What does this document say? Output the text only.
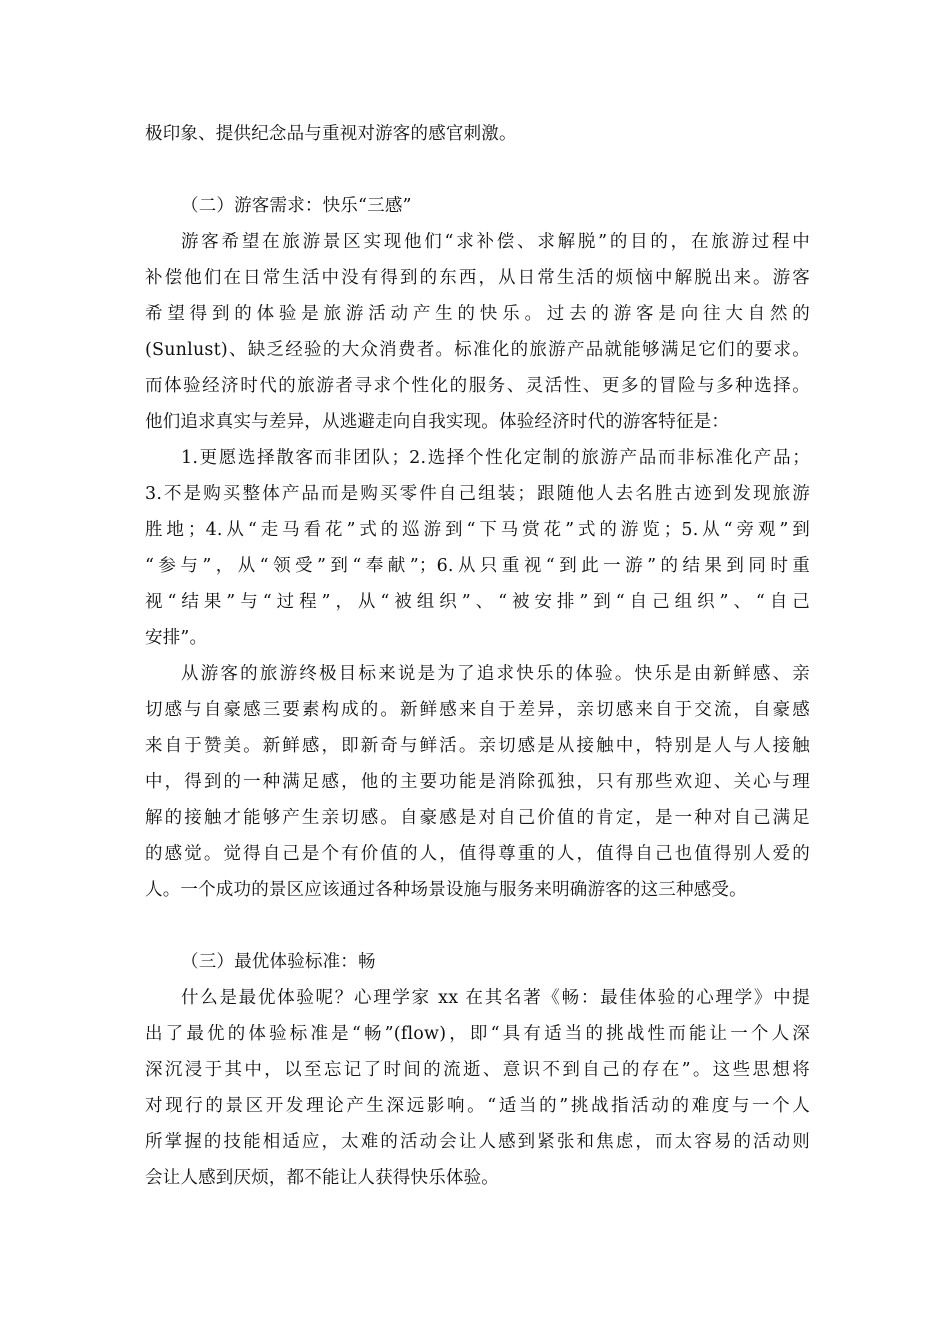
极印象、提供纪念品与重视对游客的感官刺激。
（二）游客需求：快乐“三感”
游客希望在旅游景区实现他们“求补偿、求解脱”的目的，在旅游过程中
补偿他们在日常生活中没有得到的东西，从日常生活的烦恼中解脱出来。游客
希望得到的体验是旅游活动产生的快乐。过去的游客是向往大自然的
(Sunlust)、缺乏经验的大众消费者。标准化的旅游产品就能够满足它们的要求。
而体验经济时代的旅游者寻求个性化的服务、灵活性、更多的冒险与多种选择。
他们追求真实与差异，从逃避走向自我实现。体验经济时代的游客特征是：
1.更愿选择散客而非团队；2.选择个性化定制的旅游产品而非标准化产品；
3.不是购买整体产品而是购买零件自己组装；跟随他人去名胜古迹到发现旅游
胜地；4.从“走马看花”式的巡游到“下马赏花”式的游览；5.从“旁观”到
“参与”，从“领受”到“奉献”；6.从只重视“到此一游”的结果到同时重
视“结果”与“过程”，从“被组织”、“被安排”到“自己组织”、“自己
安排”。
从游客的旅游终极目标来说是为了追求快乐的体验。快乐是由新鲜感、亲
切感与自豪感三要素构成的。新鲜感来自于差异，亲切感来自于交流，自豪感
来自于赞美。新鲜感，即新奇与鲜活。亲切感是从接触中，特别是人与人接触
中，得到的一种满足感，他的主要功能是消除孤独，只有那些欢迎、关心与理
解的接触才能够产生亲切感。自豪感是对自己价值的肯定，是一种对自己满足
的感觉。觉得自己是个有价值的人，值得尊重的人，值得自己也值得别人爱的
人。一个成功的景区应该通过各种场景设施与服务来明确游客的这三种感受。
（三）最优体验标准：畅
什么是最优体验呢？心理学家 xx 在其名著《畅：最佳体验的心理学》中提
出了最优的体验标准是“畅”(flow)，即“具有适当的挑战性而能让一个人深
深沉浸于其中，以至忘记了时间的流逝、意识不到自己的存在”。这些思想将
对现行的景区开发理论产生深远影响。“适当的”挑战指活动的难度与一个人
所掌握的技能相适应，太难的活动会让人感到紧张和焦虑，而太容易的活动则
会让人感到厌烦，都不能让人获得快乐体验。
